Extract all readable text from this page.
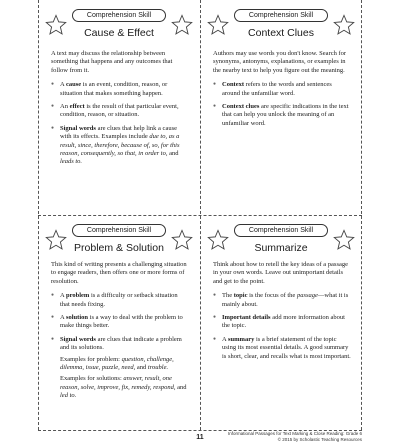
Comprehension Skill
Cause & Effect

A text may discuss the relationship between something that happens and any outcomes that follow from it.

● A cause is an event, condition, reason, or situation that makes something happen.
● An effect is the result of that particular event, condition, reason, or situation.
● Signal words are clues that help link a cause with its effects. Examples include due to, as a result, since, therefore, because of, so, for this reason, consequently, so that, in order to, and leads to.
Comprehension Skill
Context Clues

Authors may use words you don't know. Search for synonyms, antonyms, explanations, or examples in the nearby text to help you figure out the meaning.

● Context refers to the words and sentences around the unfamiliar word.
● Context clues are specific indications in the text that can help you unlock the meaning of an unfamiliar word.
Comprehension Skill
Problem & Solution

This kind of writing presents a challenging situation to engage readers, then offers one or more forms of resolution.

● A problem is a difficulty or setback situation that needs fixing.
● A solution is a way to deal with the problem to make things better.
● Signal words are clues that indicate a problem and its solutions.
Examples for problem: question, challenge, dilemma, issue, puzzle, need, and trouble.
Examples for solutions: answer, result, one reason, solve, improve, fix, remedy, respond, and led to.
Comprehension Skill
Summarize

Think about how to retell the key ideas of a passage in your own words. Leave out unimportant details and get to the point.

● The topic is the focus of the passage—what it is mainly about.
● Important details add more information about the topic.
● A summary is a brief statement of the topic using its most essential details. A good summary is short, clear, and recalls what is most important.
11
Informational Passages for Text Marking & Close Reading: Grade 6
© 2015 by Scholastic Teaching Resources
